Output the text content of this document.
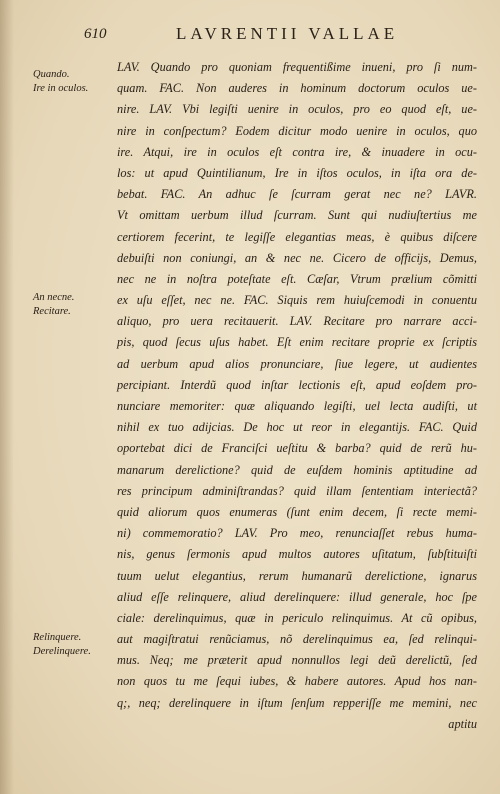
610	LAVRENTII VALLAE
Quando.
Ire in oculos.
An necne.
Recitare.
Relinquere.
Derelinquere.
LAV. Quando pro quoniam frequentißime inueni, pro ſi num-
quam. FAC. Non auderes in hominum doctorum oculos ue-
nire. LAV. Vbi legiſti uenire in oculos, pro eo quod eſt, ue-
nire in conſpectum? Eodem dicitur modo uenire in oculos, quo
ire. Atqui, ire in oculos eſt contra ire, & inuadere in ocu-
los: ut apud Quintilianum, Ire in iſtos oculos, in iſta ora de-
bebat. FAC. An adhuc ſe ſcurram gerat nec ne? LAVR.
Vt omittam uerbum illud ſcurram. Sunt qui nudiuſtertius me
certiorem fecerint, te legiſſe elegantias meas, è quibus diſcere
debuiſti non coniungi, an & nec ne. Cicero de officijs, Demus,
nec ne in noſtra poteſtate eſt. Cæſar, Vtrum prælium cõmitti
ex uſu eſſet, nec ne. FAC. Siquis rem huiuſcemodi in conuentu
aliquo, pro uera recitauerit. LAV. Recitare pro narrare acci-
pis, quod ſecus uſus habet. Eſt enim recitare proprie ex ſcriptis
ad uerbum apud alios pronunciare, ſiue legere, ut audientes
percipiant. Interdũ quod inſtar lectionis eſt, apud eoſdem pro-
nunciare memoriter: quæ aliquando legiſti, uel lecta audiſti, ut
nihil ex tuo adijcias. De hoc ut reor in elegantijs. FAC. Quid
oportebat dici de Franciſci ueſtitu & barba? quid de rerũ hu-
manarum derelictione? quid de euſdem hominis aptitudine ad
res principum adminiſtrandas? quid illam ſententiam interiectã?
quid aliorum quos enumeras (ſunt enim decem, ſi recte memi-
ni) commemoratio? LAV. Pro meo, renunciaſſet rebus huma-
nis, genus ſermonis apud multos autores uſitatum, ſubſtituiſti
tuum uelut elegantius, rerum humanarũ derelictione, ignarus
aliud eſſe relinquere, aliud derelinquere: illud generale, hoc ſpe
ciale: derelinquimus, quæ in periculo relinquimus. At cũ opibus,
aut magiſtratui renũciamus, nõ derelinquimus ea, ſed relinqui-
mus. Neq; me præterit apud nonnullos legi deũ derelictũ, ſed
non quos tu me ſequi iubes, & habere autores. Apud hos nan-
q;, neq; derelinquere in iſtum ſenſum repperiſſe me memini, nec
aptitu
